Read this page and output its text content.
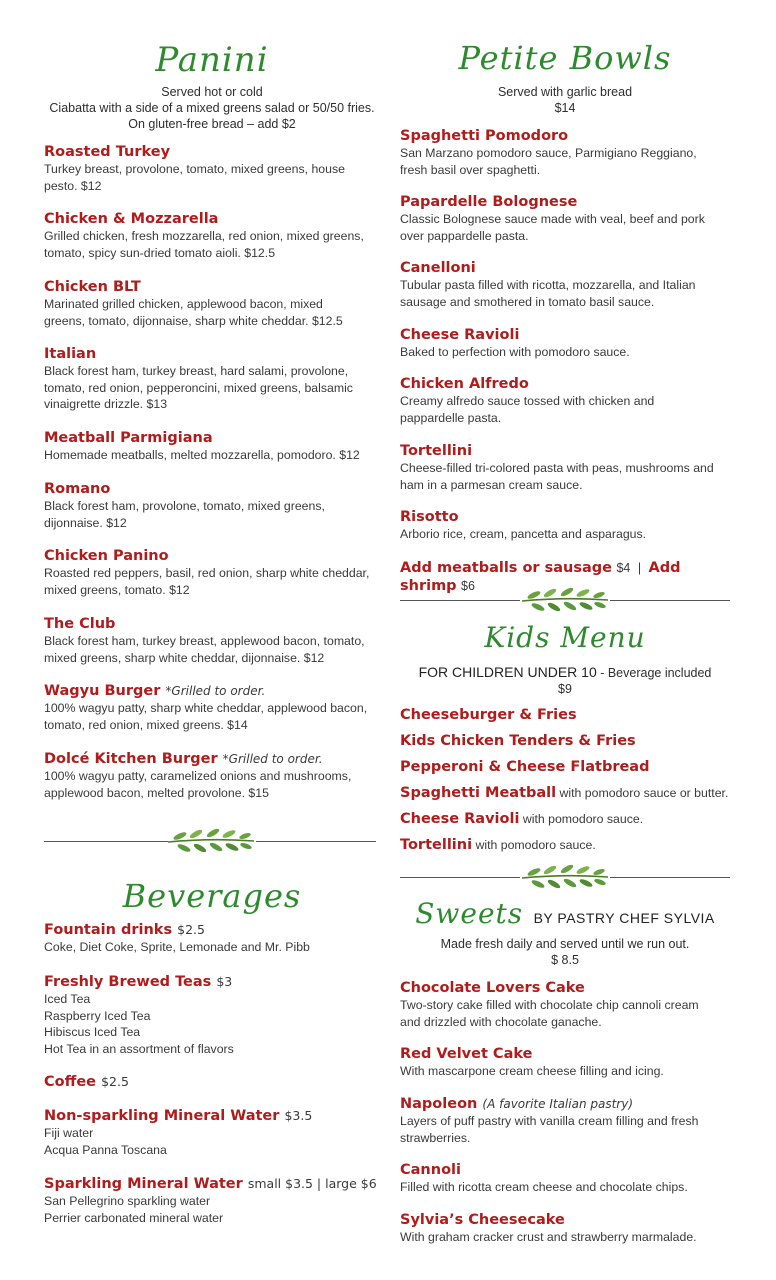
Panini
Served hot or cold
Ciabatta with a side of a mixed greens salad or 50/50 fries.
On gluten-free bread – add $2
Roasted Turkey
Turkey breast, provolone, tomato, mixed greens, house
pesto. $12
Chicken & Mozzarella
Grilled chicken, fresh mozzarella, red onion, mixed greens,
tomato, spicy sun-dried tomato aioli. $12.5
Chicken BLT
Marinated grilled chicken, applewood bacon, mixed
greens, tomato, dijonnaise, sharp white cheddar. $12.5
Italian
Black forest ham, turkey breast, hard salami, provolone,
tomato, red onion, pepperoncini, mixed greens, balsamic
vinaigrette drizzle. $13
Meatball Parmigiana
Homemade meatballs, melted mozzarella, pomodoro. $12
Romano
Black forest ham, provolone, tomato, mixed greens,
dijonnaise. $12
Chicken Panino
Roasted red peppers, basil, red onion, sharp white cheddar,
mixed greens, tomato. $12
The Club
Black forest ham, turkey breast, applewood bacon, tomato,
mixed greens, sharp white cheddar, dijonnaise. $12
Wagyu Burger *Grilled to order.
100% wagyu patty, sharp white cheddar, applewood bacon,
tomato, red onion, mixed greens. $14
Dolcé Kitchen Burger *Grilled to order.
100% wagyu patty, caramelized onions and mushrooms,
applewood bacon, melted provolone. $15
Beverages
Fountain drinks $2.5
Coke, Diet Coke, Sprite, Lemonade and Mr. Pibb
Freshly Brewed Teas $3
Iced Tea
Raspberry Iced Tea
Hibiscus Iced Tea
Hot Tea in an assortment of flavors
Coffee $2.5
Non-sparkling Mineral Water $3.5
Fiji water
Acqua Panna Toscana
Sparkling Mineral Water small $3.5 | large $6
San Pellegrino sparkling water
Perrier carbonated mineral water
Petite Bowls
Served with garlic bread
$14
Spaghetti Pomodoro
San Marzano pomodoro sauce, Parmigiano Reggiano,
fresh basil over spaghetti.
Papardelle Bolognese
Classic Bolognese sauce made with veal, beef and pork
over pappardelle pasta.
Canelloni
Tubular pasta filled with ricotta, mozzarella, and Italian
sausage and smothered in tomato basil sauce.
Cheese Ravioli
Baked to perfection with pomodoro sauce.
Chicken Alfredo
Creamy alfredo sauce tossed with chicken and
pappardelle pasta.
Tortellini
Cheese-filled tri-colored pasta with peas, mushrooms and
ham in a parmesan cream sauce.
Risotto
Arborio rice, cream, pancetta and asparagus.
Add meatballs or sausage $4 | Add shrimp $6
Kids Menu
FOR CHILDREN UNDER 10 - Beverage included
$9
Cheeseburger & Fries
Kids Chicken Tenders & Fries
Pepperoni & Cheese Flatbread
Spaghetti Meatball with pomodoro sauce or butter.
Cheese Ravioli with pomodoro sauce.
Tortellini with pomodoro sauce.
Sweets BY PASTRY CHEF SYLVIA
Made fresh daily and served until we run out.
$ 8.5
Chocolate Lovers Cake
Two-story cake filled with chocolate chip cannoli cream
and drizzled with chocolate ganache.
Red Velvet Cake
With mascarpone cream cheese filling and icing.
Napoleon (A favorite Italian pastry)
Layers of puff pastry with vanilla cream filling and fresh
strawberries.
Cannoli
Filled with ricotta cream cheese and chocolate chips.
Sylvia’s Cheesecake
With graham cracker crust and strawberry marmalade.
